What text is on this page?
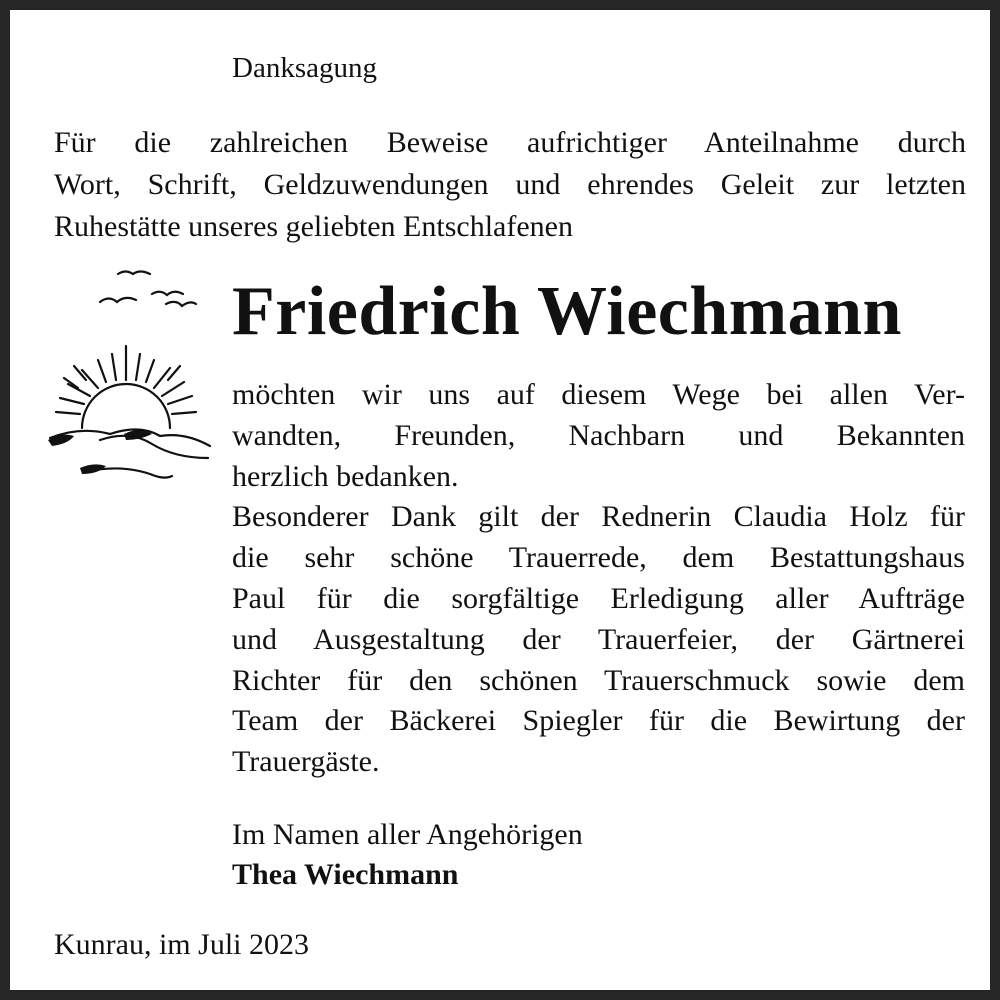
Danksagung
Für die zahlreichen Beweise aufrichtiger Anteilnahme durch
Wort, Schrift, Geldzuwendungen und ehrendes Geleit zur letzten
Ruhestätte unseres geliebten Entschlafenen
Friedrich Wiechmann
möchten wir uns auf diesem Wege bei allen Ver-
wandten, Freunden, Nachbarn und Bekannten
herzlich bedanken.
Besonderer Dank gilt der Rednerin Claudia Holz für
die sehr schöne Trauerrede, dem Bestattungshaus
Paul für die sorgfältige Erledigung aller Aufträge
und Ausgestaltung der Trauerfeier, der Gärtnerei
Richter für den schönen Trauerschmuck sowie dem
Team der Bäckerei Spiegler für die Bewirtung der
Trauergäste.
Im Namen aller Angehörigen
Thea Wiechmann
Kunrau, im Juli 2023
